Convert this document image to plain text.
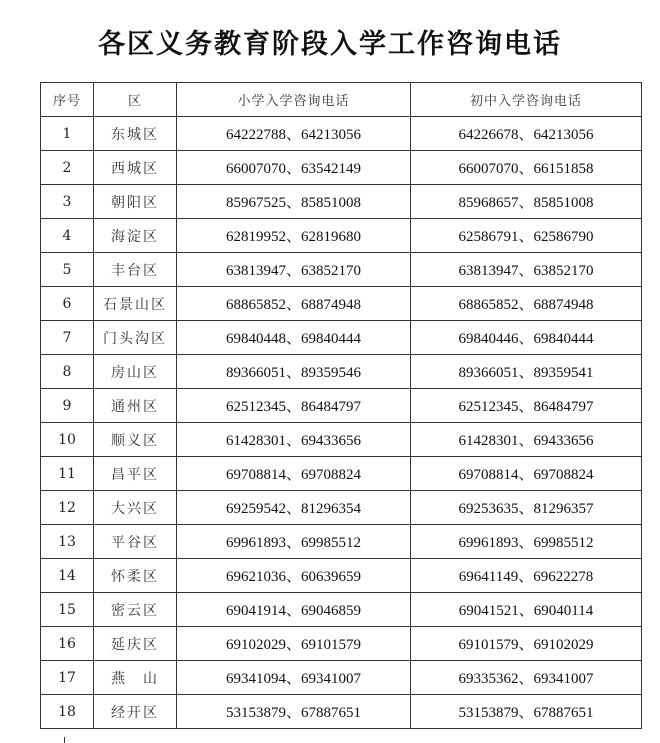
各区义务教育阶段入学工作咨询电话
序号	区	小学入学咨询电话	初中入学咨询电话
1	东城区	64222788、64213056	64226678、64213056
2	西城区	66007070、63542149	66007070、66151858
3	朝阳区	85967525、85851008	85968657、85851008
4	海淀区	62819952、62819680	62586791、62586790
5	丰台区	63813947、63852170	63813947、63852170
6	石景山区	68865852、68874948	68865852、68874948
7	门头沟区	69840448、69840444	69840446、69840444
8	房山区	89366051、89359546	89366051、89359541
9	通州区	62512345、86484797	62512345、86484797
10	顺义区	61428301、69433656	61428301、69433656
11	昌平区	69708814、69708824	69708814、69708824
12	大兴区	69259542、81296354	69253635、81296357
13	平谷区	69961893、69985512	69961893、69985512
14	怀柔区	69621036、60639659	69641149、69622278
15	密云区	69041914、69046859	69041521、69040114
16	延庆区	69102029、69101579	69101579、69102029
17	燕　山	69341094、69341007	69335362、69341007
18	经开区	53153879、67887651	53153879、67887651
